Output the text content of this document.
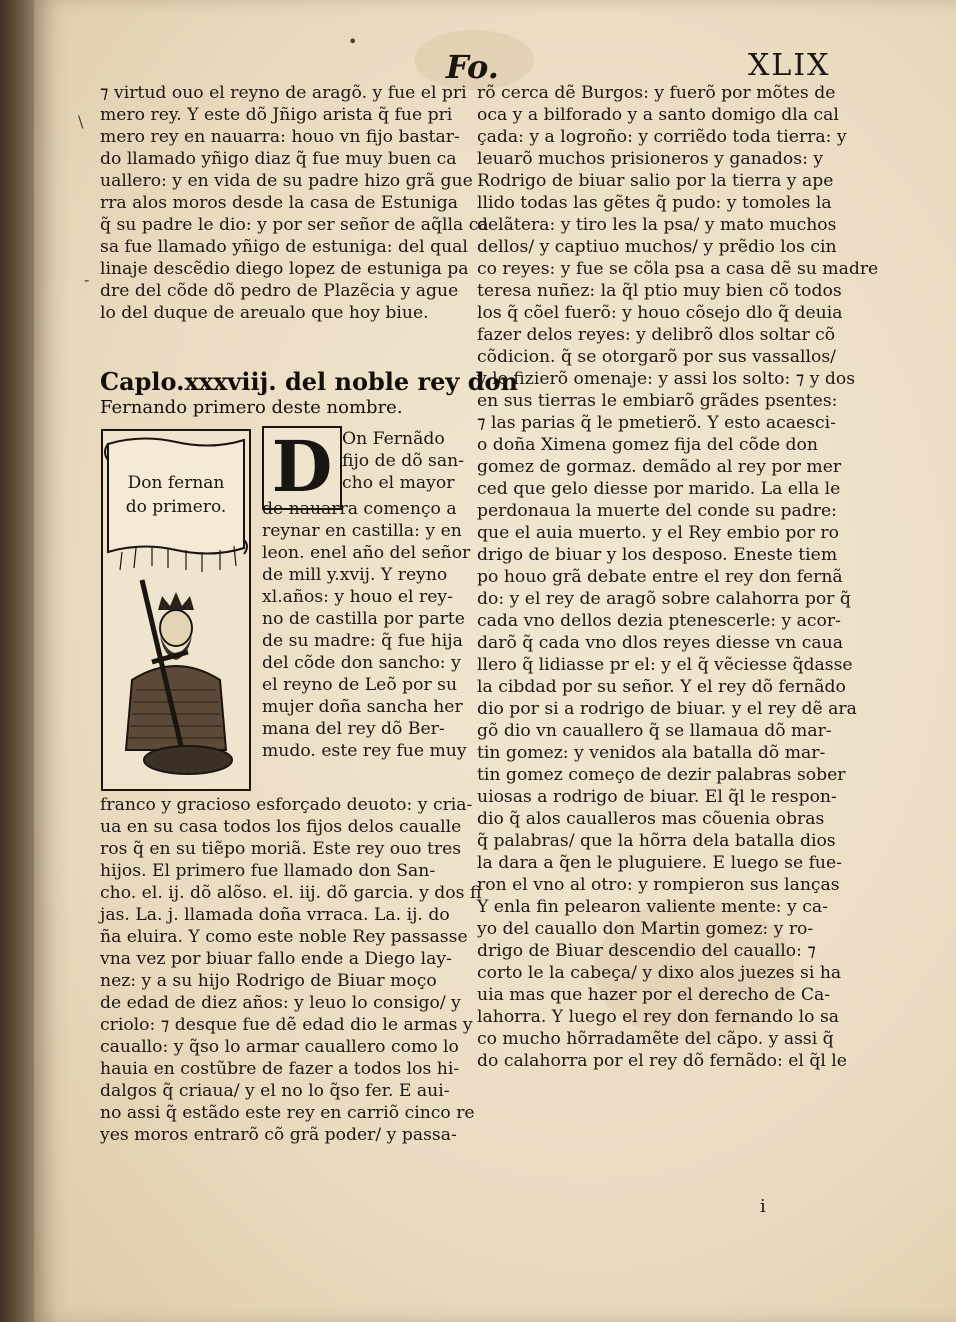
Fo.	XLIX
•
\
-
⁊ virtud ouo el reyno de aragõ. y fue el pri
mero rey. Y este dõ Jñigo arista q̃ fue pri
mero rey en nauarra: houo vn fijo bastar-
do llamado yñigo diaz q̃ fue muy buen ca
uallero: y en vida de su padre hizo grã gue
rra alos moros desde la casa de Estuniga
q̃ su padre le dio: y por ser señor de aq̃lla ca
sa fue llamado yñigo de estuniga: del qual
linaje descẽdio diego lopez de estuniga pa
dre del cõde dõ pedro de Plazẽcia y ague
lo del duque de areualo que hoy biue.
Caplo.xxxviij. del noble rey don
Fernando primero deste nombre.
Don fernan
do primero. D On Fernãdo
fijo de dõ san-
cho el mayor
de nauarra començo a
reynar en castilla: y en
leon. enel año del señor
de mill y.xvij. Y reyno
xl.años: y houo el rey-
no de castilla por parte
de su madre: q̃ fue hija
del cõde don sancho: y
el reyno de Leõ por su
mujer doña sancha her
mana del rey dõ Ber-
mudo. este rey fue muy
franco y gracioso esforçado deuoto: y cria-
ua en su casa todos los fijos delos caualle
ros q̃ en su tiẽpo moriã. Este rey ouo tres
hijos. El primero fue llamado don San-
cho. el. ij. dõ alõso. el. iij. dõ garcia. y dos fi
jas. La. j. llamada doña vrraca. La. ij. do
ña eluira. Y como este noble Rey passasse
vna vez por biuar fallo ende a Diego lay-
nez: y a su hijo Rodrigo de Biuar moço
de edad de diez años: y leuo lo consigo/ y
criolo: ⁊ desque fue dẽ edad dio le armas y
cauallo: y q̃so lo armar cauallero como lo
hauia en costũbre de fazer a todos los hi-
dalgos q̃ criaua/ y el no lo q̃so fer. E aui-
no assi q̃ estãdo este rey en carriõ cinco re
yes moros entrarõ cõ grã poder/ y passa-
rõ cerca dẽ Burgos: y fuerõ por mõtes de
oca y a bilforado y a santo domigo dla cal
çada: y a logroño: y corriẽdo toda tierra: y
leuarõ muchos prisioneros y ganados: y
Rodrigo de biuar salio por la tierra y ape
llido todas las gẽtes q̃ pudo: y tomoles la
delãtera: y tiro les la psa/ y mato muchos
dellos/ y captiuo muchos/ y prẽdio los cin
co reyes: y fue se cõla psa a casa dẽ su madre
teresa nuñez: la q̃l ptio muy bien cõ todos
los q̃ cõel fuerõ: y houo cõsejo dlo q̃ deuia
fazer delos reyes: y delibrõ dlos soltar cõ
cõdicion. q̃ se otorgarõ por sus vassallos/
y le fizierõ omenaje: y assi los solto: ⁊ y dos
en sus tierras le embiarõ grãdes psentes:
⁊ las parias q̃ le pmetierõ. Y esto acaesci-
o doña Ximena gomez fija del cõde don
gomez de gormaz. demãdo al rey por mer
ced que gelo diesse por marido. La ella le
perdonaua la muerte del conde su padre:
que el auia muerto. y el Rey embio por ro
drigo de biuar y los desposo. Eneste tiem
po houo grã debate entre el rey don fernã
do: y el rey de aragõ sobre calahorra por q̃
cada vno dellos dezia ptenescerle: y acor-
darõ q̃ cada vno dlos reyes diesse vn caua
llero q̃ lidiasse pr el: y el q̃ vẽciesse q̃dasse
la cibdad por su señor. Y el rey dõ fernãdo
dio por si a rodrigo de biuar. y el rey dẽ ara
gõ dio vn cauallero q̃ se llamaua dõ mar-
tin gomez: y venidos ala batalla dõ mar-
tin gomez começo de dezir palabras sober
uiosas a rodrigo de biuar. El q̃l le respon-
dio q̃ alos caualleros mas cõuenia obras
q̃ palabras/ que la hõrra dela batalla dios
la dara a q̃en le pluguiere. E luego se fue-
ron el vno al otro: y rompieron sus lanças
Y enla fin pelearon valiente mente: y ca-
yo del cauallo don Martin gomez: y ro-
drigo de Biuar descendio del cauallo: ⁊
corto le la cabeça/ y dixo alos juezes si ha
uia mas que hazer por el derecho de Ca-
lahorra. Y luego el rey don fernando lo sa
co mucho hõrradamẽte del cãpo. y assi q̃
do calahorra por el rey dõ fernãdo: el q̃l le
i
